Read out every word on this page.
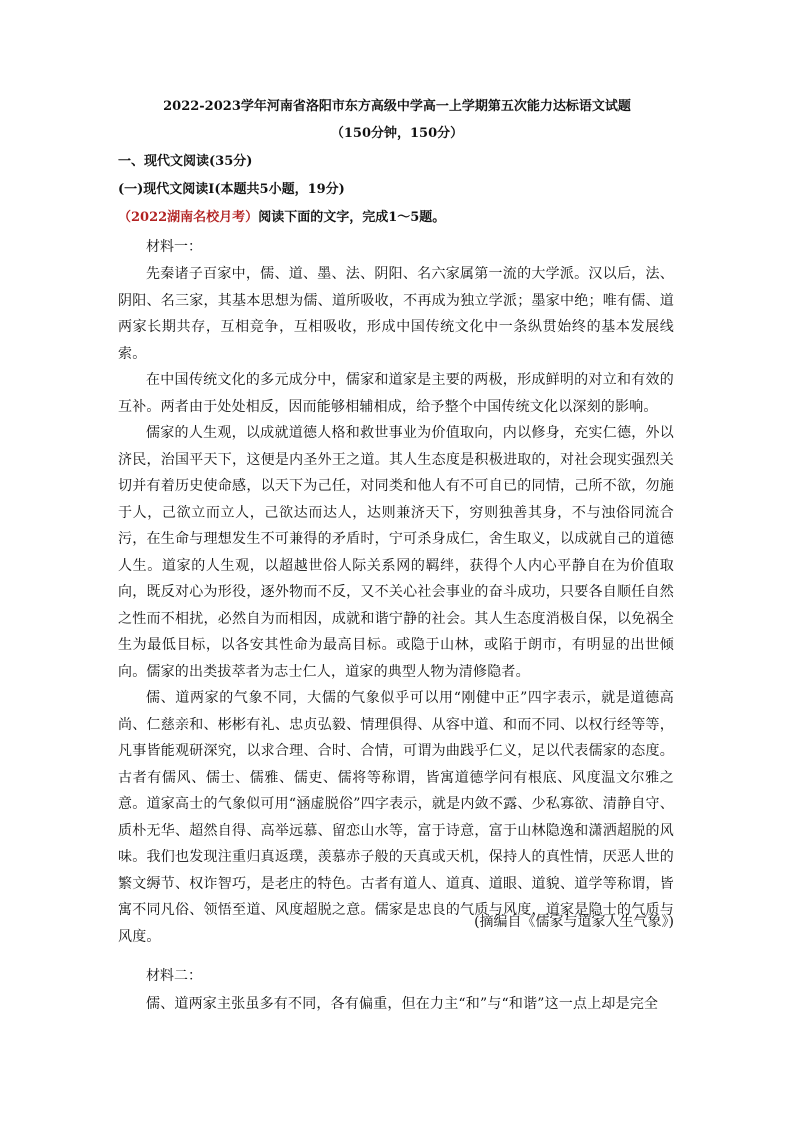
2022-2023学年河南省洛阳市东方高级中学高一上学期第五次能力达标语文试题
（150分钟，150分）
一、现代文阅读(35分)
(一)现代文阅读Ⅰ(本题共5小题，19分)
（2022湖南名校月考）阅读下面的文字，完成1～5题。
材料一：

先秦诸子百家中，儒、道、墨、法、阴阳、名六家属第一流的大学派。汉以后，法、阴阳、名三家，其基本思想为儒、道所吸收，不再成为独立学派；墨家中绝；唯有儒、道两家长期共存，互相竞争，互相吸收，形成中国传统文化中一条纵贯始终的基本发展线索。

在中国传统文化的多元成分中，儒家和道家是主要的两极，形成鲜明的对立和有效的互补。两者由于处处相反，因而能够相辅相成，给予整个中国传统文化以深刻的影响。

儒家的人生观，以成就道德人格和救世事业为价值取向，内以修身，充实仁德，外以济民，治国平天下，这便是内圣外王之道。其人生态度是积极进取的，对社会现实强烈关切并有着历史使命感，以天下为己任，对同类和他人有不可自已的同情，己所不欲，勿施于人，己欲立而立人，己欲达而达人，达则兼济天下，穷则独善其身，不与浊俗同流合污，在生命与理想发生不可兼得的矛盾时，宁可杀身成仁，舍生取义，以成就自己的道德人生。道家的人生观，以超越世俗人际关系网的羁绊，获得个人内心平静自在为价值取向，既反对心为形役，逐外物而不反，又不关心社会事业的奋斗成功，只要各自顺任自然之性而不相扰，必然自为而相因，成就和谐宁静的社会。其人生态度消极自保，以免祸全生为最低目标，以各安其性命为最高目标。或隐于山林，或陷于朗市，有明显的出世倾向。儒家的出类拔萃者为志士仁人，道家的典型人物为清修隐者。

儒、道两家的气象不同，大儒的气象似乎可以用“刚健中正”四字表示，就是道德高尚、仁慈亲和、彬彬有礼、忠贞弘毅、情理俱得、从容中道、和而不同、以权行经等等，凡事皆能观研深究，以求合理、合时、合情，可谓为曲践乎仁义，足以代表儒家的态度。古者有儒风、儒士、儒雅、儒吏、儒将等称谓，皆寓道德学问有根底、风度温文尔雅之意。道家高士的气象似可用“涵虚脱俗”四字表示，就是内敛不露、少私寡欲、清静自守、质朴无华、超然自得、高举远慕、留恋山水等，富于诗意，富于山林隐逸和潇洒超脱的风味。我们也发现注重归真返璞，羡慕赤子般的天真或天机，保持人的真性情，厌恶人世的繁文缛节、权诈智巧，是老庄的特色。古者有道人、道真、道眼、道貌、道学等称谓，皆寓不同凡俗、领悟至道、风度超脱之意。儒家是忠良的气质与风度，道家是隐士的气质与风度。

(摘编自《儒家与道家人生气象》)
材料二：

儒、道两家主张虽多有不同，各有偏重，但在力主“和”与“和谐”这一点上却是完全
